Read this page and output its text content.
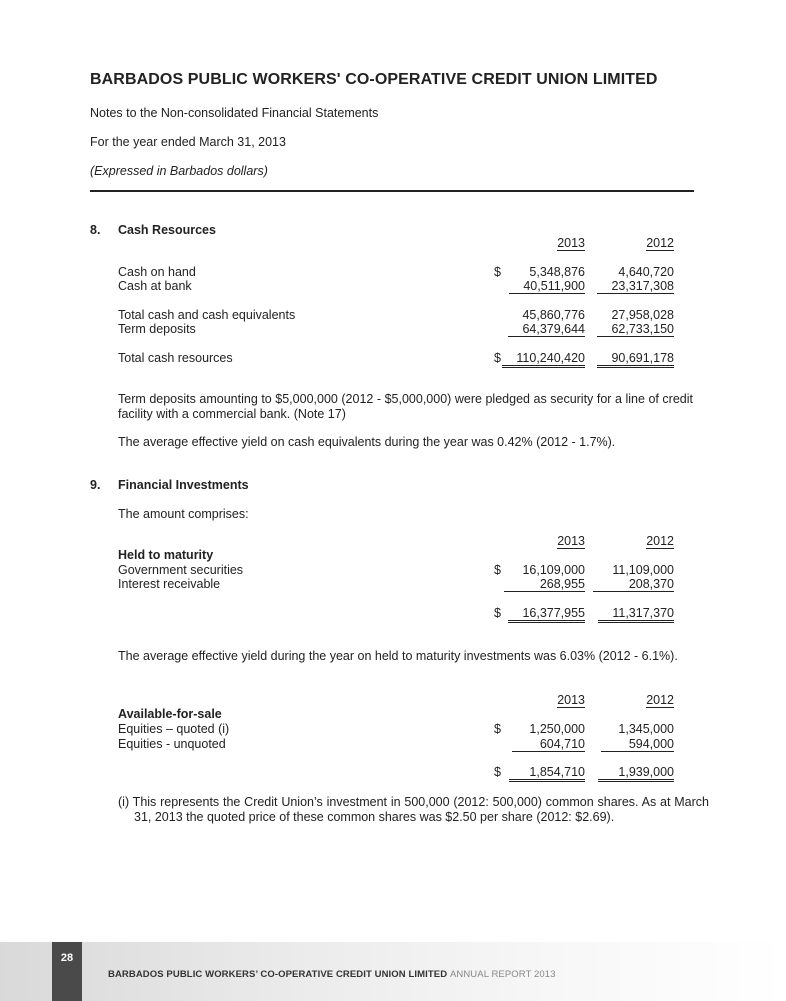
BARBADOS PUBLIC WORKERS' CO-OPERATIVE CREDIT UNION LIMITED
Notes to the Non-consolidated Financial Statements
For the year ended March 31, 2013
(Expressed in Barbados dollars)
8. Cash Resources
2013	2012
Cash on hand	$ 5,348,876	4,640,720
Cash at bank	40,511,900	23,317,308
Total cash and cash equivalents	45,860,776 27,958,028
Term deposits	64,379,644	62,733,150
Total cash resources	$	110,240,420	90,691,178
Term deposits amounting to $5,000,000 (2012 - $5,000,000) were pledged as security for a line of credit facility with a commercial bank. (Note 17)
The average effective yield on cash equivalents during the year was 0.42% (2012 - 1.7%).
9. Financial Investments
The amount comprises:
2013	2012
Held to maturity
Government securities	$ 16,109,000 11,109,000
Interest receivable	268,955	208,370
$	16,377,955	11,317,370
The average effective yield during the year on held to maturity investments was 6.03% (2012 - 6.1%).
2013	2012
Available-for-sale
Equities – quoted (i)	$ 1,250,000	1,345,000
Equities - unquoted	604,710	594,000
$	1,854,710	1,939,000
(i) This represents the Credit Union’s investment in 500,000 (2012: 500,000) common shares. As at March 31, 2013 the quoted price of these common shares was $2.50 per share (2012: $2.69).
28
BARBADOS PUBLIC WORKERS’ CO-OPERATIVE CREDIT UNION LIMITED ANNUAL REPORT 2013
